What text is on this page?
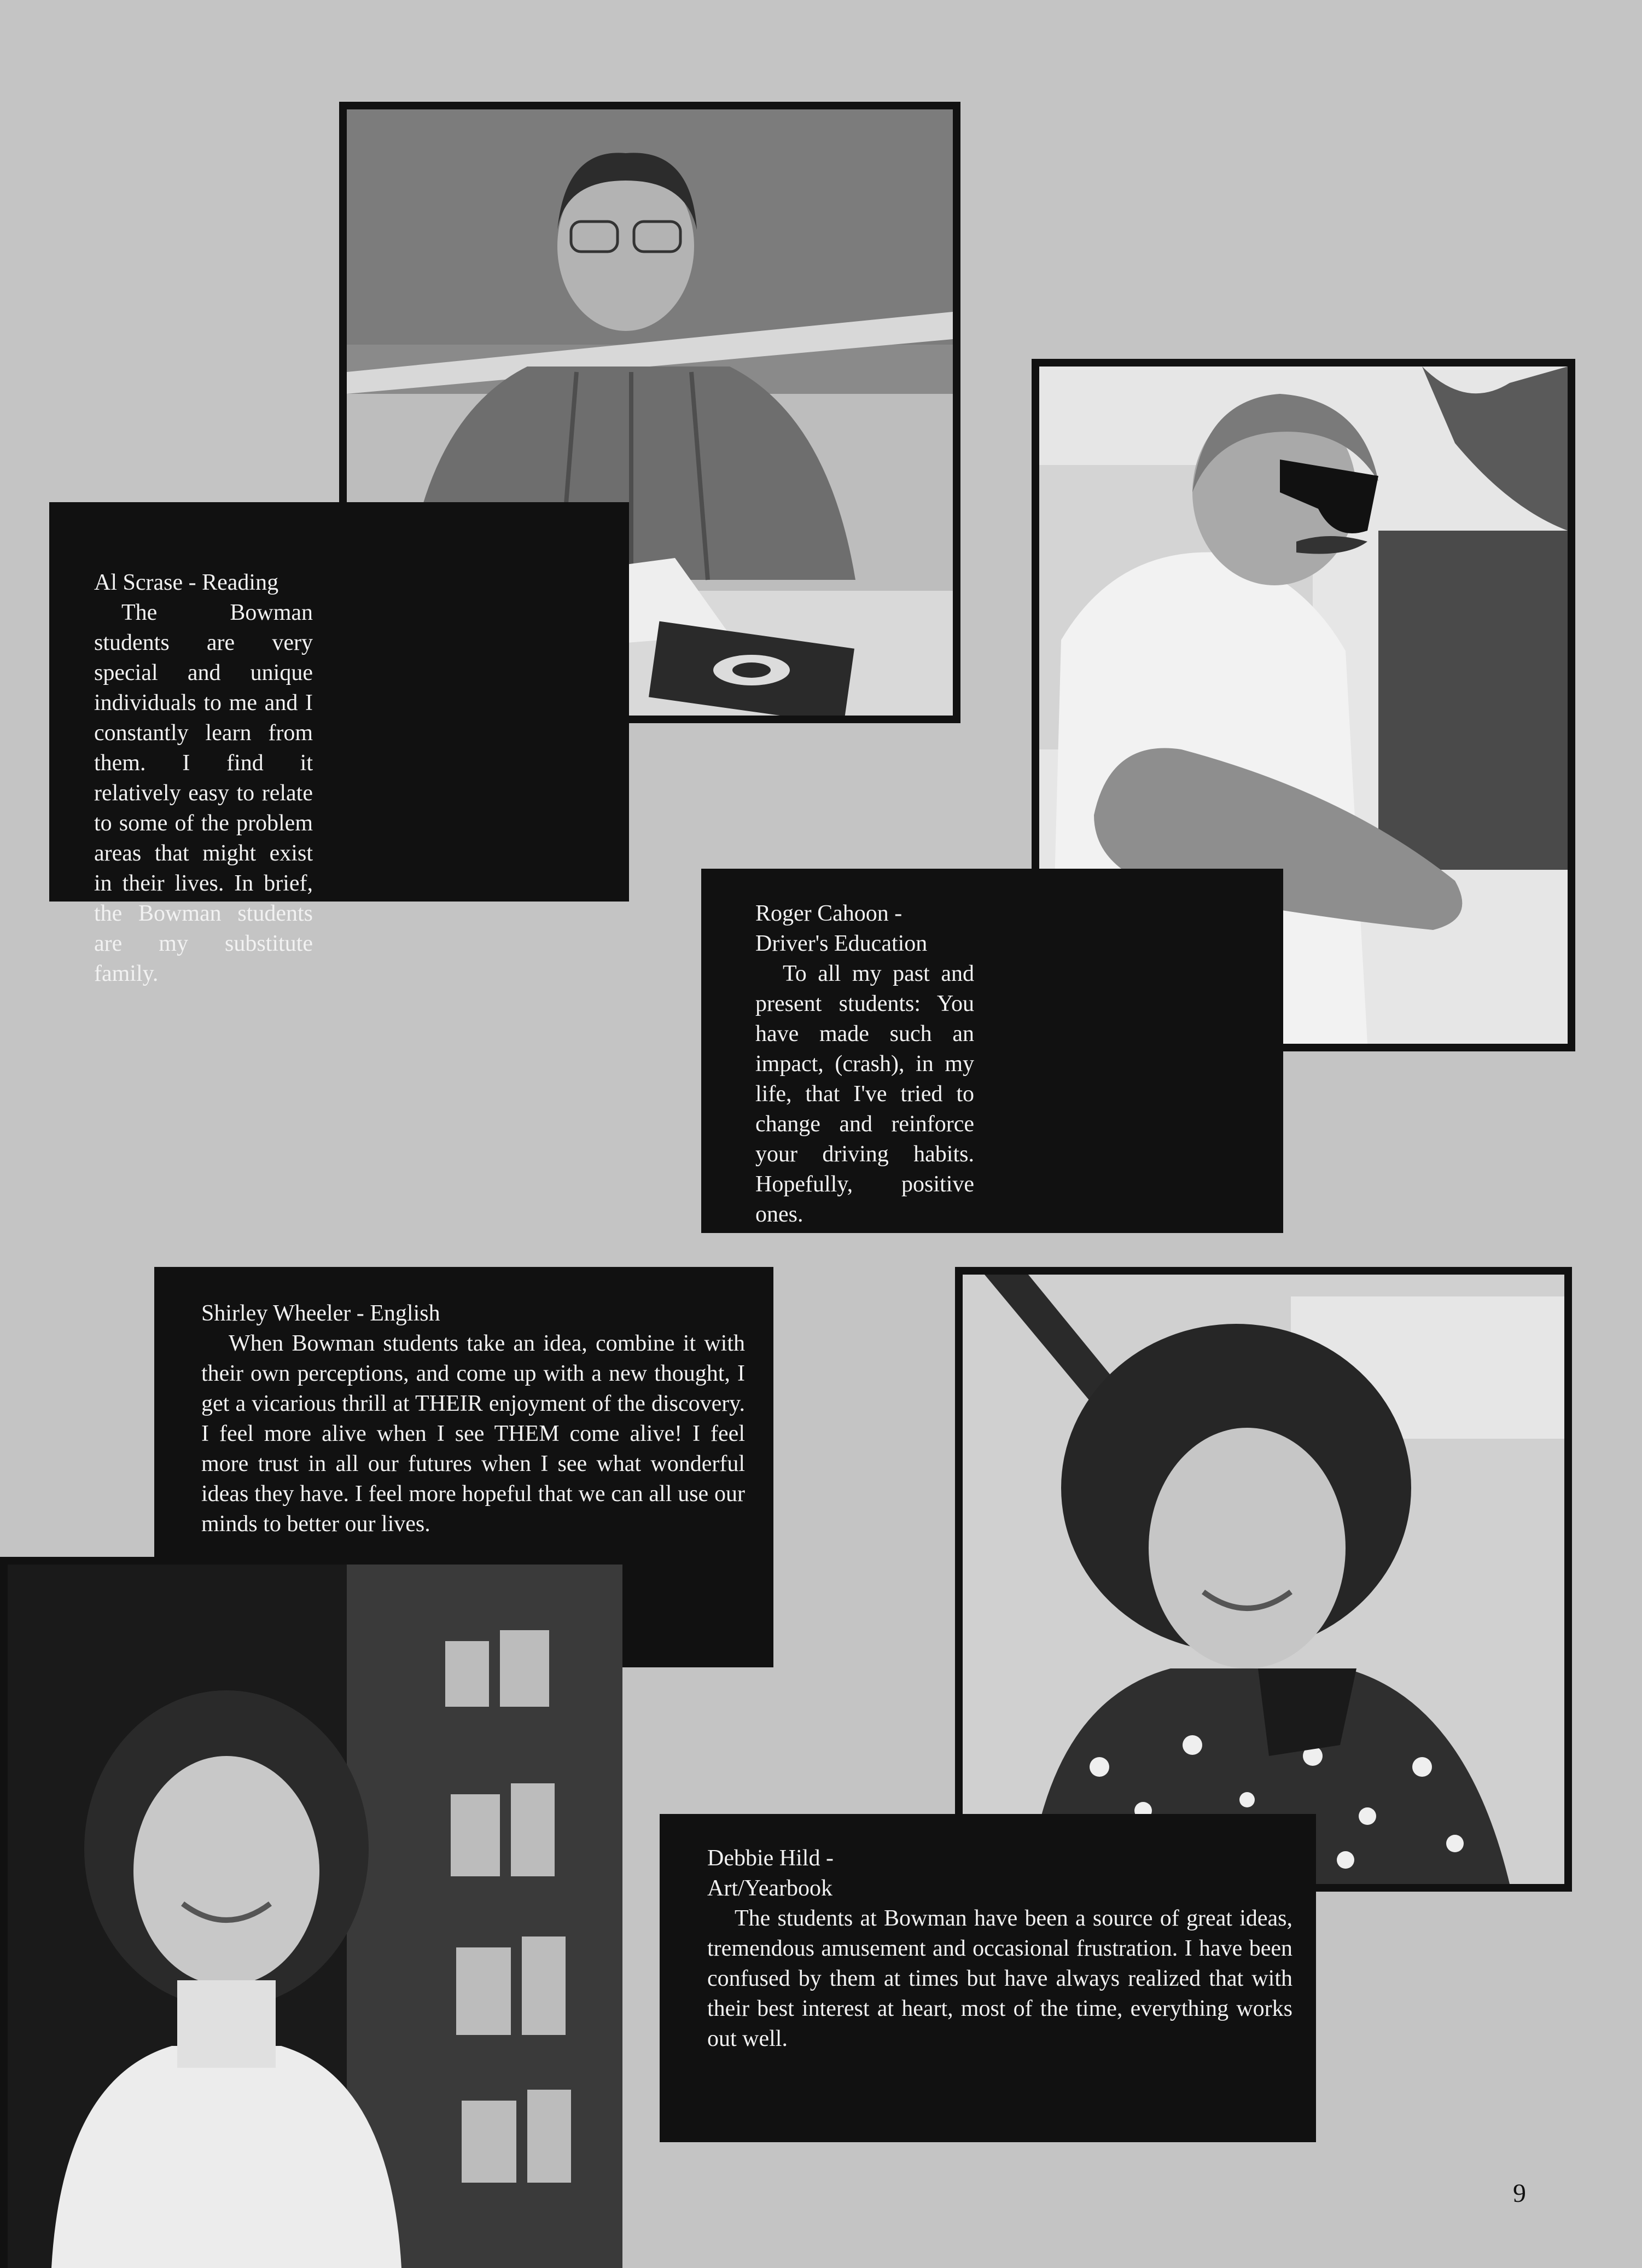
Al Scrase - Reading

The Bowman students are very special and unique individuals to me and I constantly learn from them. I find it relatively easy to relate to some of the problem areas that might exist in their lives. In brief, the Bowman students are my substitute family.

Roger Cahoon - Driver's Education

To all my past and present students: You have made such an impact, (crash), in my life, that I've tried to change and reinforce your driving habits. Hopefully, positive ones.

Shirley Wheeler - English

When Bowman students take an idea, combine it with their own perceptions, and come up with a new thought, I get a vicarious thrill at THEIR enjoyment of the discovery. I feel more alive when I see THEM come alive! I feel more trust in all our futures when I see what wonderful ideas they have. I feel more hopeful that we can all use our minds to better our lives.

Debbie Hild - Art/Yearbook

The students at Bowman have been a source of great ideas, tremendous amusement and occasional frustration. I have been confused by them at times but have always realized that with their best interest at heart, most of the time, everything works out well.

9
